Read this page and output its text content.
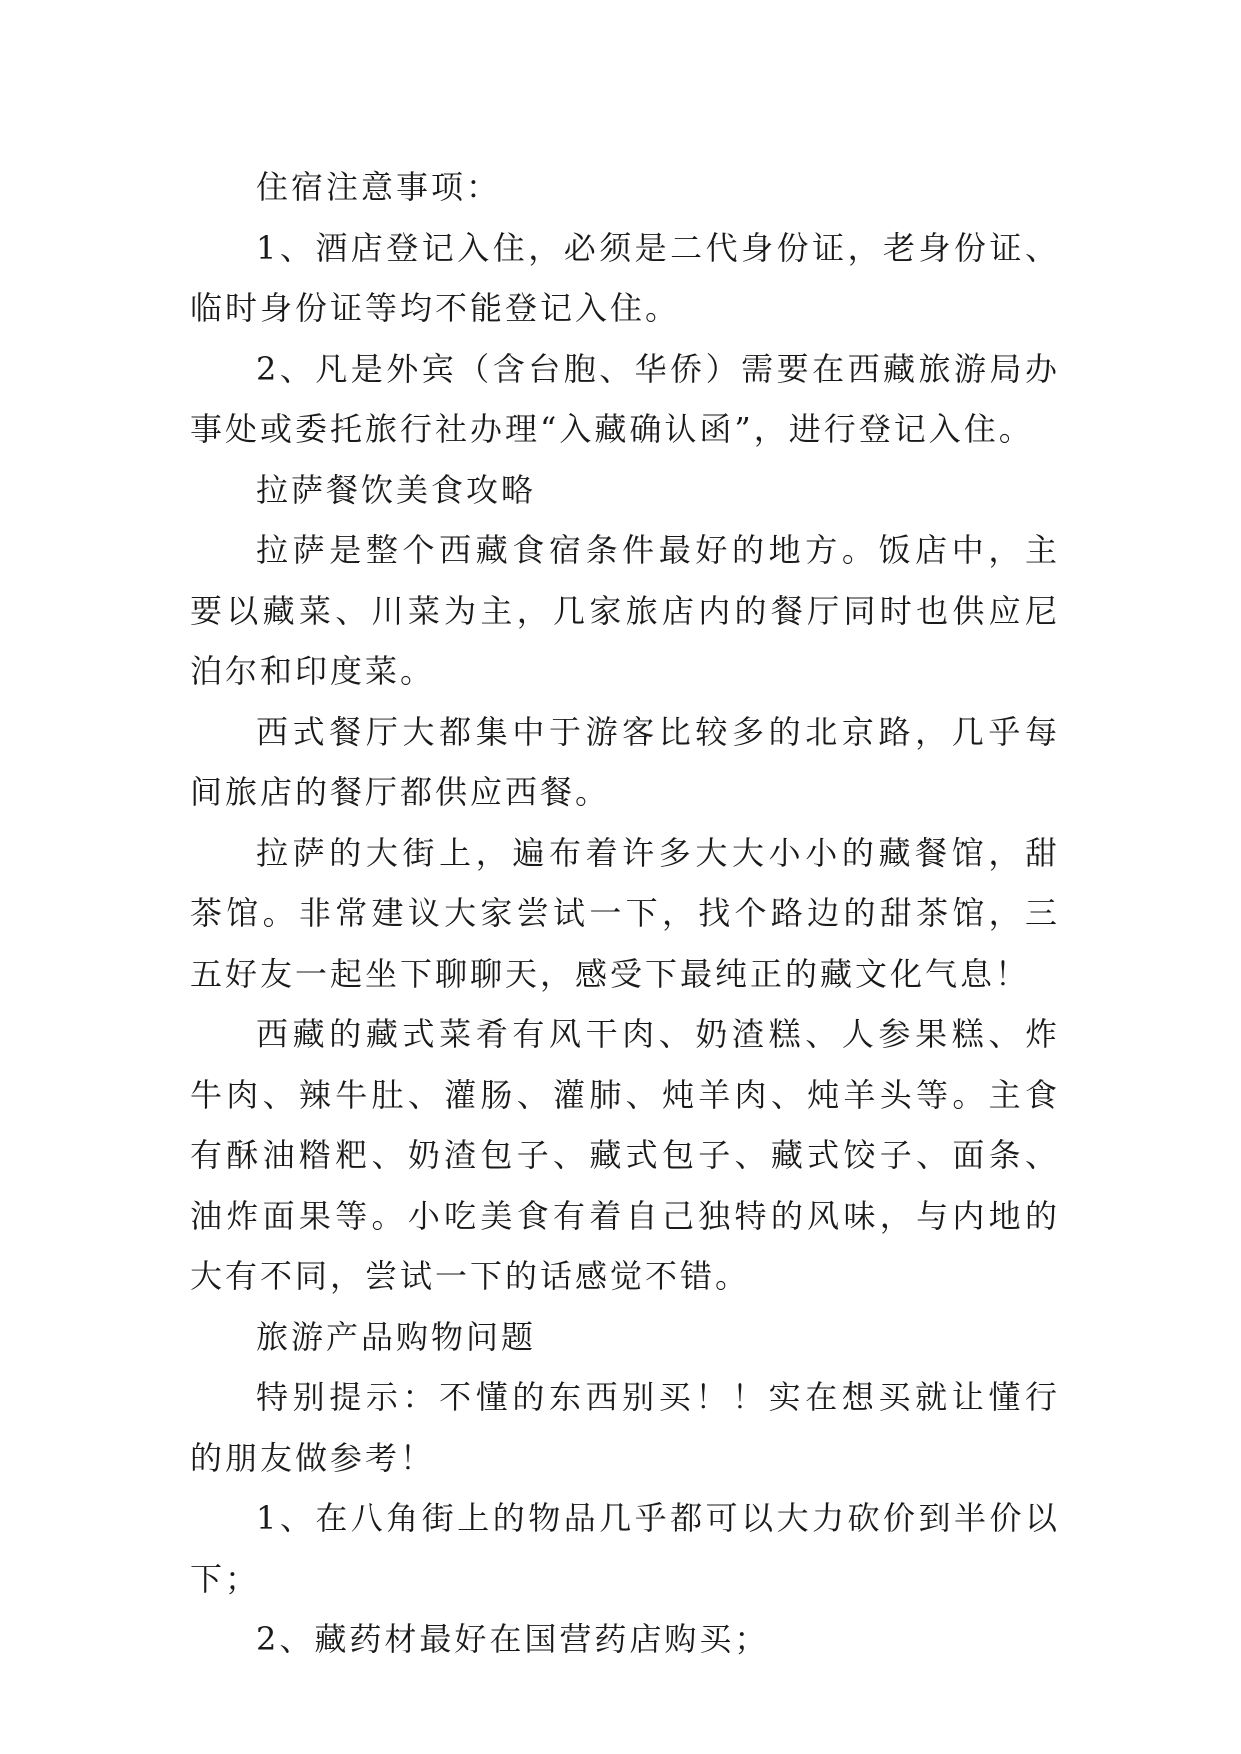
住宿注意事项：

1、酒店登记入住，必须是二代身份证，老身份证、临时身份证等均不能登记入住。

2、凡是外宾（含台胞、华侨）需要在西藏旅游局办事处或委托旅行社办理“入藏确认函”，进行登记入住。

拉萨餐饮美食攻略

拉萨是整个西藏食宿条件最好的地方。饭店中，主要以藏菜、川菜为主，几家旅店内的餐厅同时也供应尼泊尔和印度菜。

西式餐厅大都集中于游客比较多的北京路，几乎每间旅店的餐厅都供应西餐。

拉萨的大街上，遍布着许多大大小小的藏餐馆，甜茶馆。非常建议大家尝试一下，找个路边的甜茶馆，三五好友一起坐下聊聊天，感受下最纯正的藏文化气息！

西藏的藏式菜肴有风干肉、奶渣糕、人参果糕、炸牛肉、辣牛肚、灌肠、灌肺、炖羊肉、炖羊头等。主食有酥油糌粑、奶渣包子、藏式包子、藏式饺子、面条、油炸面果等。小吃美食有着自己独特的风味，与内地的大有不同，尝试一下的话感觉不错。

旅游产品购物问题

特别提示：不懂的东西别买！！实在想买就让懂行的朋友做参考！

1、在八角街上的物品几乎都可以大力砍价到半价以下；

2、藏药材最好在国营药店购买；
